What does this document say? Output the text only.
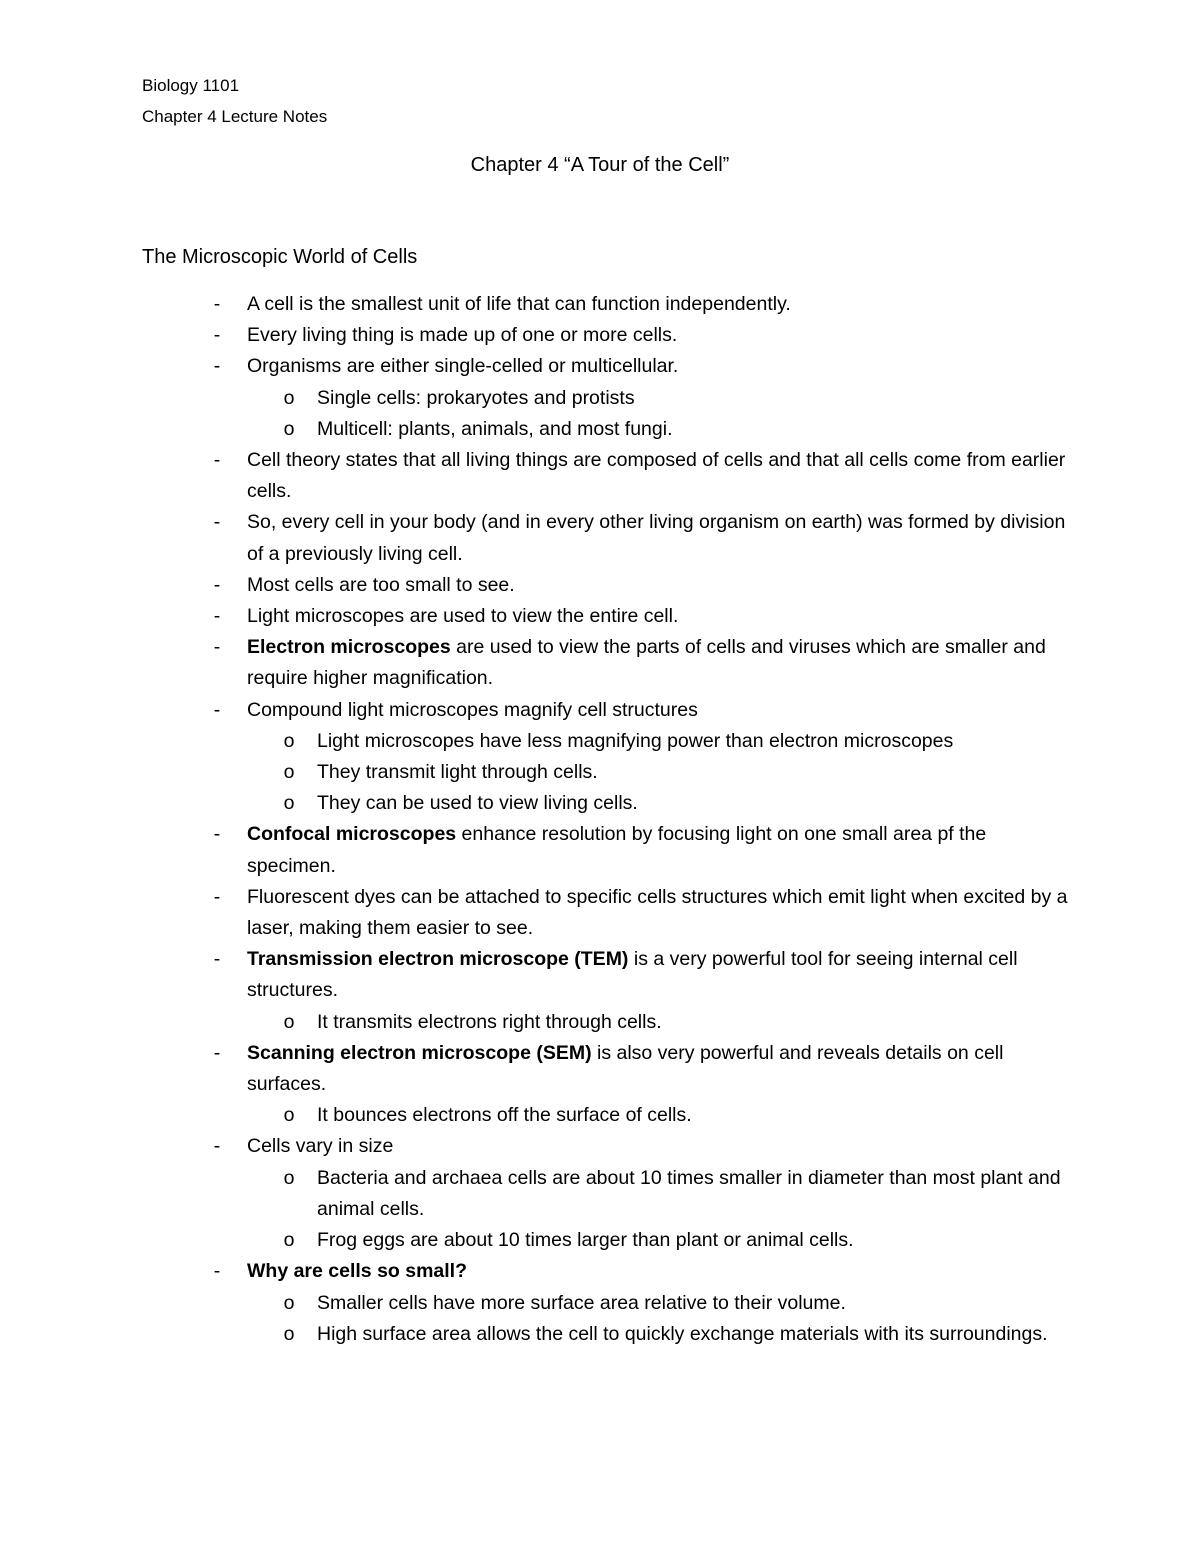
Biology 1101
Chapter 4 Lecture Notes
Chapter 4 “A Tour of the Cell”
The Microscopic World of Cells
- A cell is the smallest unit of life that can function independently.
- Every living thing is made up of one or more cells.
- Organisms are either single-celled or multicellular.
o Single cells: prokaryotes and protists
o Multicell: plants, animals, and most fungi.
- Cell theory states that all living things are composed of cells and that all cells come from earlier cells.
- So, every cell in your body (and in every other living organism on earth) was formed by division of a previously living cell.
- Most cells are too small to see.
- Light microscopes are used to view the entire cell.
- Electron microscopes are used to view the parts of cells and viruses which are smaller and require higher magnification.
- Compound light microscopes magnify cell structures
o Light microscopes have less magnifying power than electron microscopes
o They transmit light through cells.
o They can be used to view living cells.
- Confocal microscopes enhance resolution by focusing light on one small area pf the specimen.
- Fluorescent dyes can be attached to specific cells structures which emit light when excited by a laser, making them easier to see.
- Transmission electron microscope (TEM) is a very powerful tool for seeing internal cell structures.
o It transmits electrons right through cells.
- Scanning electron microscope (SEM) is also very powerful and reveals details on cell surfaces.
o It bounces electrons off the surface of cells.
- Cells vary in size
o Bacteria and archaea cells are about 10 times smaller in diameter than most plant and animal cells.
o Frog eggs are about 10 times larger than plant or animal cells.
- Why are cells so small?
o Smaller cells have more surface area relative to their volume.
o High surface area allows the cell to quickly exchange materials with its surroundings.
